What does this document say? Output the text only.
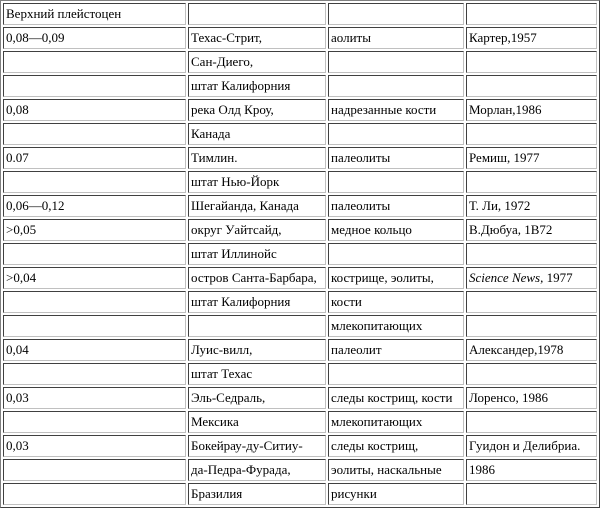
Верхний плейстоцен			
0,08—0,09	Техас-Стрит,	аолиты	Картер,1957
	Сан-Диего,		
	штат Калифорния		
0,08	река Олд Кроу,	надрезанные кости	Морлан,1986
	Канада		
0.07	Тимлин.	палеолиты	Ремиш, 1977
	штат Нью-Йорк		
0,06—0,12	Шегайанда, Канада	палеолиты	Т. Ли, 1972
>0,05	округ Уайтсайд,	медное кольцо	В.Дюбуа, 1В72
	штат Иллинойс		
>0,04	остров Санта-Барбара,	кострище, эолиты,	Science News, 1977
	штат Калифорния	кости	
		млекопитающих	
0,04	Луис-вилл,	палеолит	Александер,1978
	штат Техас		
0,03	Эль-Седраль,	следы кострищ, кости	Лоренсо, 1986
	Мексика	млекопитающих	
0,03	Бокейрау-ду-Ситиу-	следы кострищ,	Гуидон и Делибриа.
	да-Педра-Фурада,	эолиты, наскальные	1986
	Бразилия	рисунки	
